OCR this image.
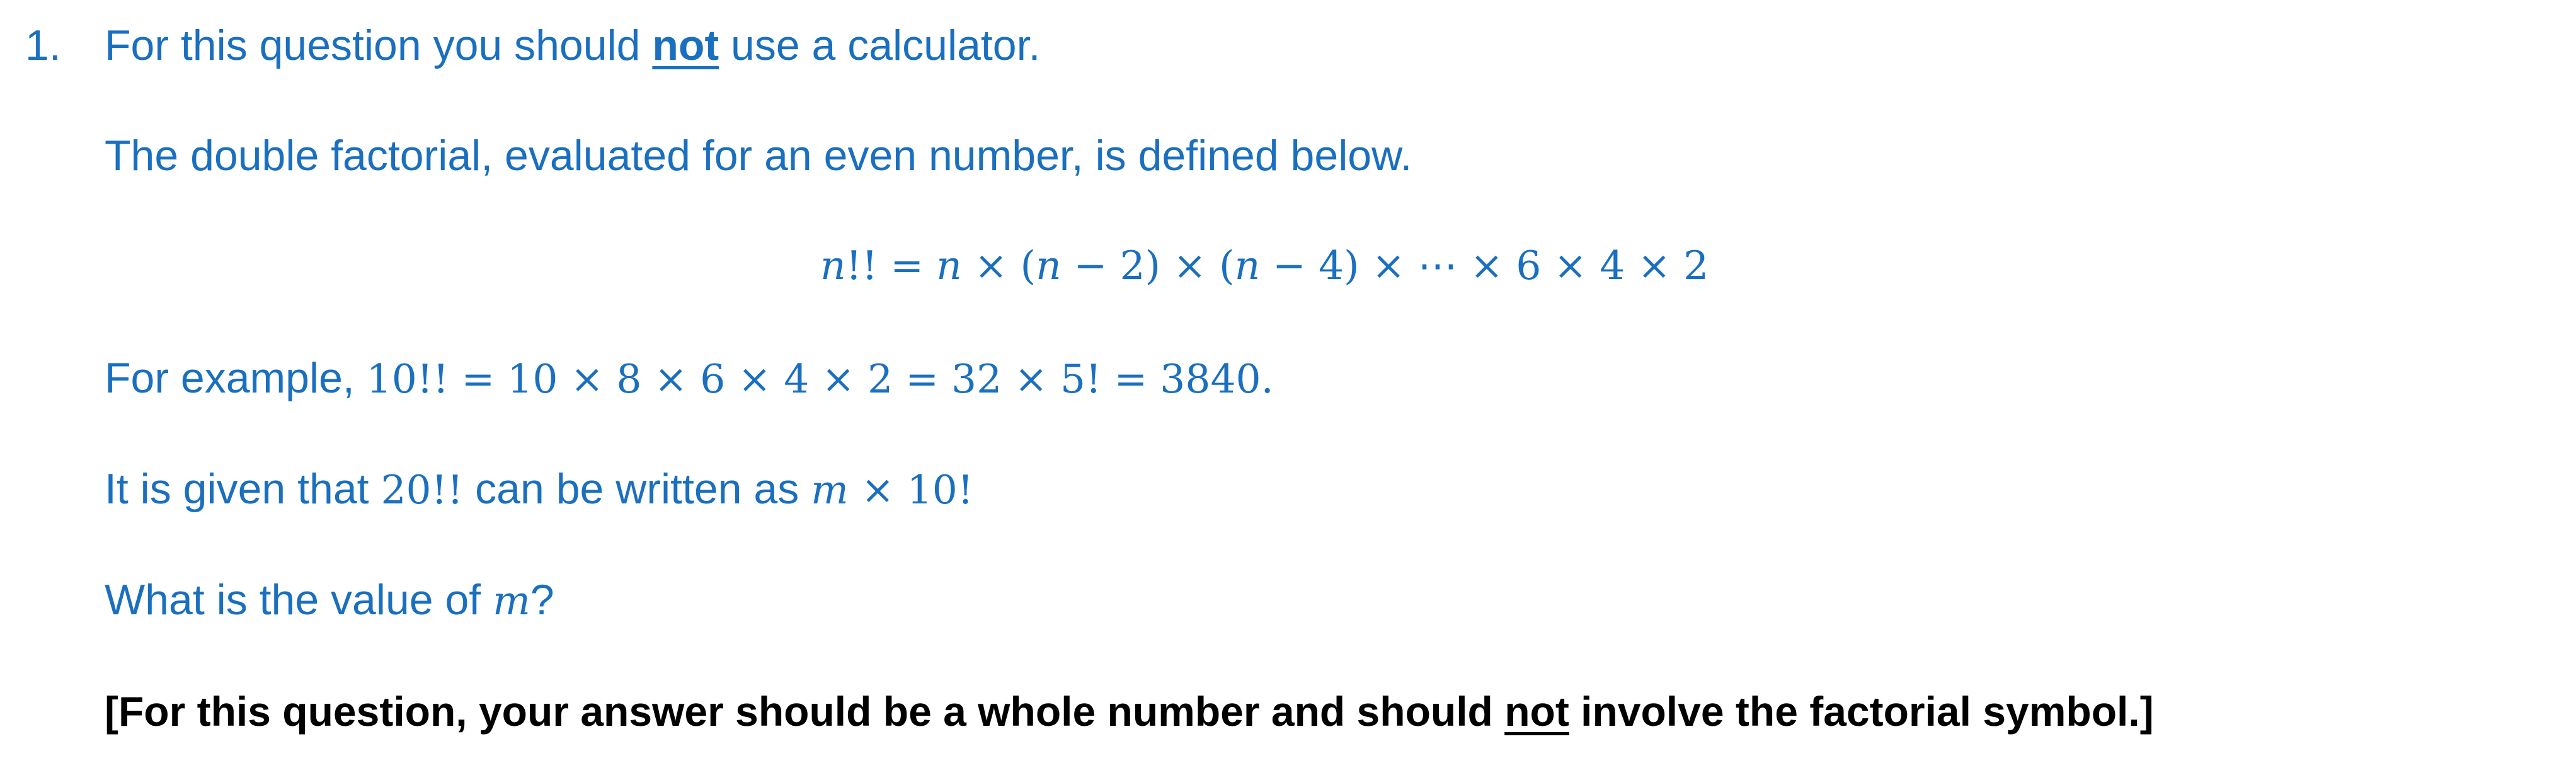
1. For this question you should not use a calculator.
The double factorial, evaluated for an even number, is defined below.
n!! = n × (n − 2) × (n − 4) × ⋯ × 6 × 4 × 2
For example, 10!! = 10 × 8 × 6 × 4 × 2 = 32 × 5! = 3840.
It is given that 20!! can be written as m × 10!
What is the value of m?
[For this question, your answer should be a whole number and should not involve the factorial symbol.]
